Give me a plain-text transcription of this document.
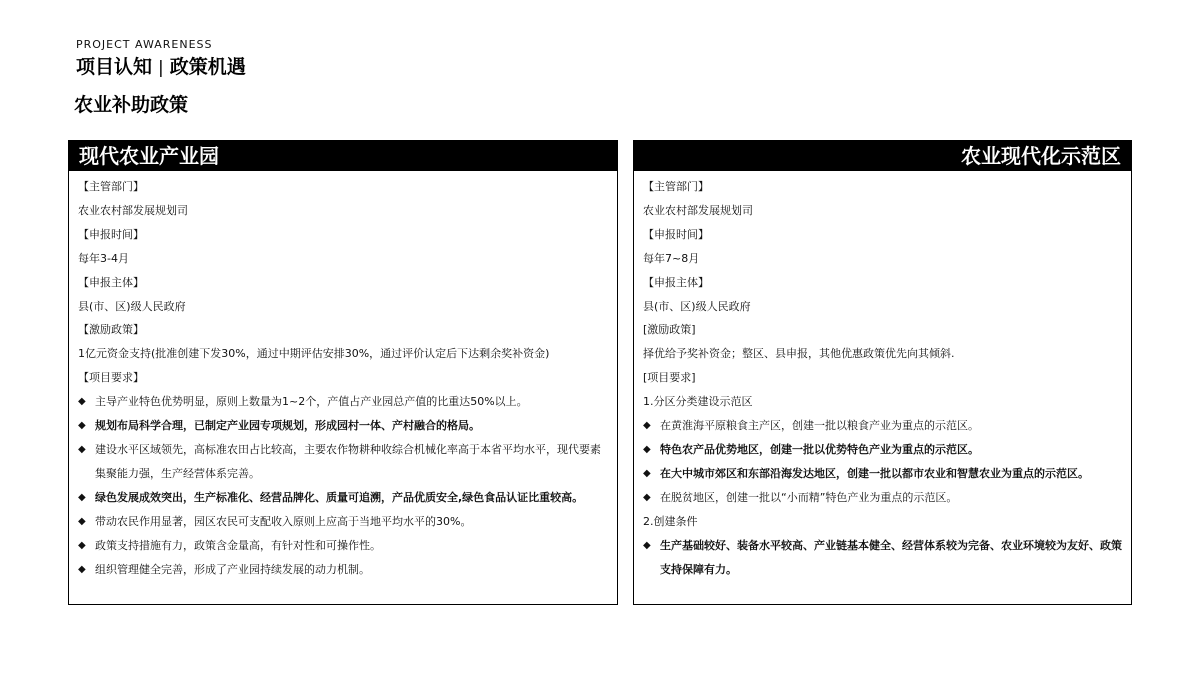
PROJECT AWARENESS
项目认知 | 政策机遇
农业补助政策
现代农业产业园
【主管部门】
农业农村部发展规划司
【申报时间】
每年3-4月
【申报主体】
县(市、区)级人民政府
【激励政策】
1亿元资金支持(批准创建下发30%，通过中期评估安排30%，通过评价认定后下达剩余奖补资金)
【项目要求】
◆ 主导产业特色优势明显，原则上数量为1~2个，产值占产业园总产值的比重达50%以上。
◆ 规划布局科学合理，已制定产业园专项规划，形成园村一体、产村融合的格局。
◆ 建设水平区域领先，高标准农田占比较高，主要农作物耕种收综合机械化率高于本省平均水平，现代要素集聚能力强，生产经营体系完善。
◆ 绿色发展成效突出，生产标准化、经营品牌化、质量可追溯，产品优质安全,绿色食品认证比重较高。
◆ 带动农民作用显著，园区农民可支配收入原则上应高于当地平均水平的30%。
◆ 政策支持措施有力，政策含金量高，有针对性和可操作性。
◆ 组织管理健全完善，形成了产业园持续发展的动力机制。
农业现代化示范区
【主管部门】
农业农村部发展规划司
【申报时间】
每年7~8月
【申报主体】
县(市、区)级人民政府
[激励政策]
择优给予奖补资金；整区、县申报，其他优惠政策优先向其倾斜.
[项目要求]
1.分区分类建设示范区
◆ 在黄淮海平原粮食主产区，创建一批以粮食产业为重点的示范区。
◆ 特色农产品优势地区，创建一批以优势特色产业为重点的示范区。
◆ 在大中城市郊区和东部沿海发达地区，创建一批以都市农业和智慧农业为重点的示范区。
◆ 在脱贫地区，创建一批以“小而精”特色产业为重点的示范区。
2.创建条件
◆ 生产基础较好、装备水平较高、产业链基本健全、经营体系较为完备、农业环境较为友好、政策支持保障有力。
